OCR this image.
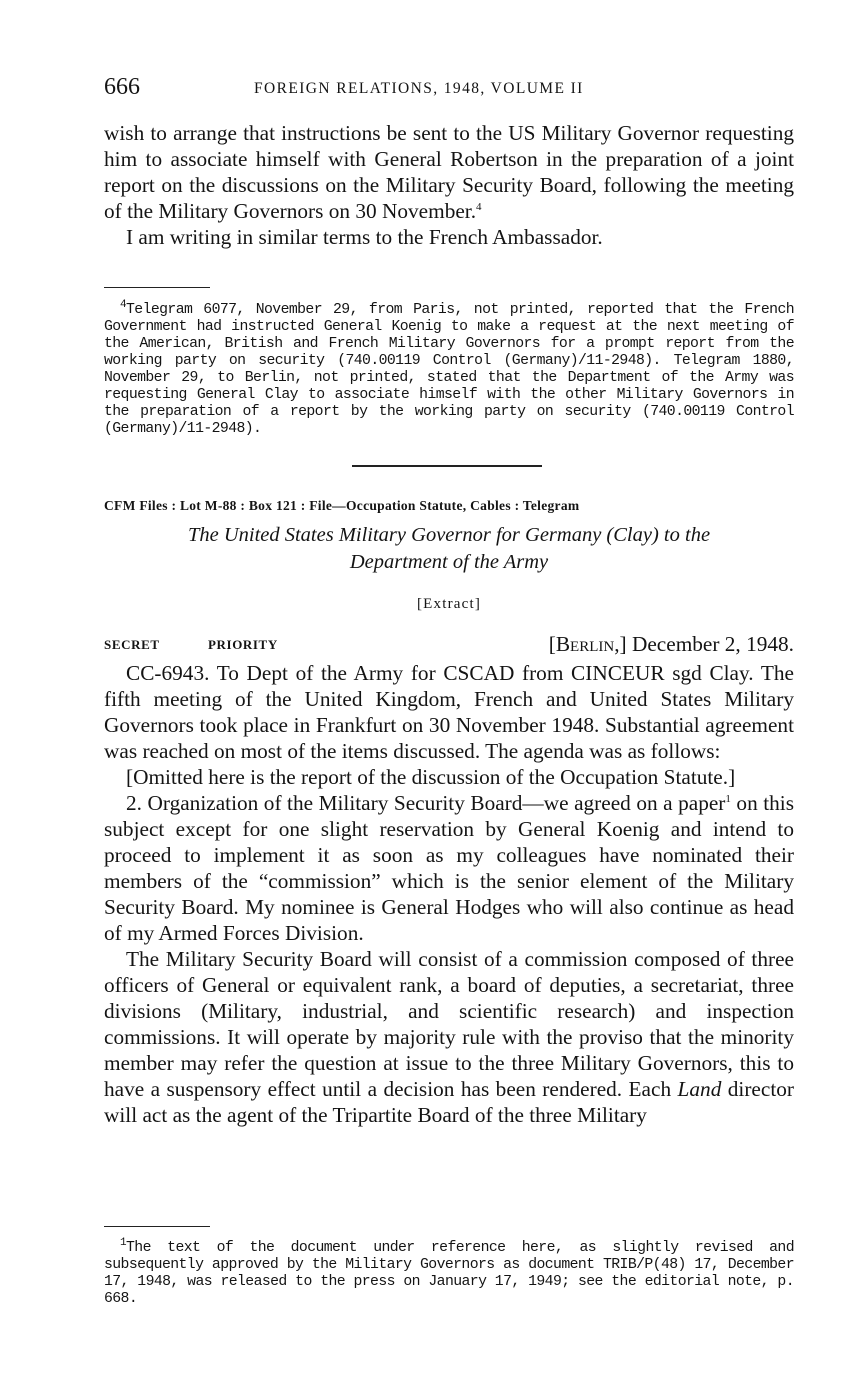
666	FOREIGN RELATIONS, 1948, VOLUME II

wish to arrange that instructions be sent to the US Military Governor requesting him to associate himself with General Robertson in the preparation of a joint report on the discussions on the Military Security Board, following the meeting of the Military Governors on 30 November.$^4$

I am writing in similar terms to the French Ambassador.

$^4$Telegram 6077, November 29, from Paris, not printed, reported that the French Government had instructed General Koenig to make a request at the next meeting of the American, British and French Military Governors for a prompt report from the working party on security (740.00119 Control (Germany)/11-2948). Telegram 1880, November 29, to Berlin, not printed, stated that the Department of the Army was requesting General Clay to associate himself with the other Military Governors in the preparation of a report by the working party on security (740.00119 Control (Germany)/11-2948).

CFM Files : Lot M-88 : Box 121 : File—Occupation Statute, Cables : Telegram
The United States Military Governor for Germany (Clay) to the
Department of the Army
[Extract]
SECRET	PRIORITY	[Berlin,] December 2, 1948.

CC-6943. To Dept of the Army for CSCAD from CINCEUR sgd Clay. The fifth meeting of the United Kingdom, French and United States Military Governors took place in Frankfurt on 30 November 1948. Substantial agreement was reached on most of the items discussed. The agenda was as follows:

[Omitted here is the report of the discussion of the Occupation Statute.]

2. Organization of the Military Security Board—we agreed on a paper$^1$ on this subject except for one slight reservation by General Koenig and intend to proceed to implement it as soon as my colleagues have nominated their members of the “commission” which is the senior element of the Military Security Board. My nominee is General Hodges who will also continue as head of my Armed Forces Division.

The Military Security Board will consist of a commission composed of three officers of General or equivalent rank, a board of deputies, a secretariat, three divisions (Military, industrial, and scientific research) and inspection commissions. It will operate by majority rule with the proviso that the minority member may refer the question at issue to the three Military Governors, this to have a suspensory effect until a decision has been rendered. Each Land director will act as the agent of the Tripartite Board of the three Military

$^1$The text of the document under reference here, as slightly revised and subsequently approved by the Military Governors as document TRIB/P(48) 17, December 17, 1948, was released to the press on January 17, 1949; see the editorial note, p. 668.
